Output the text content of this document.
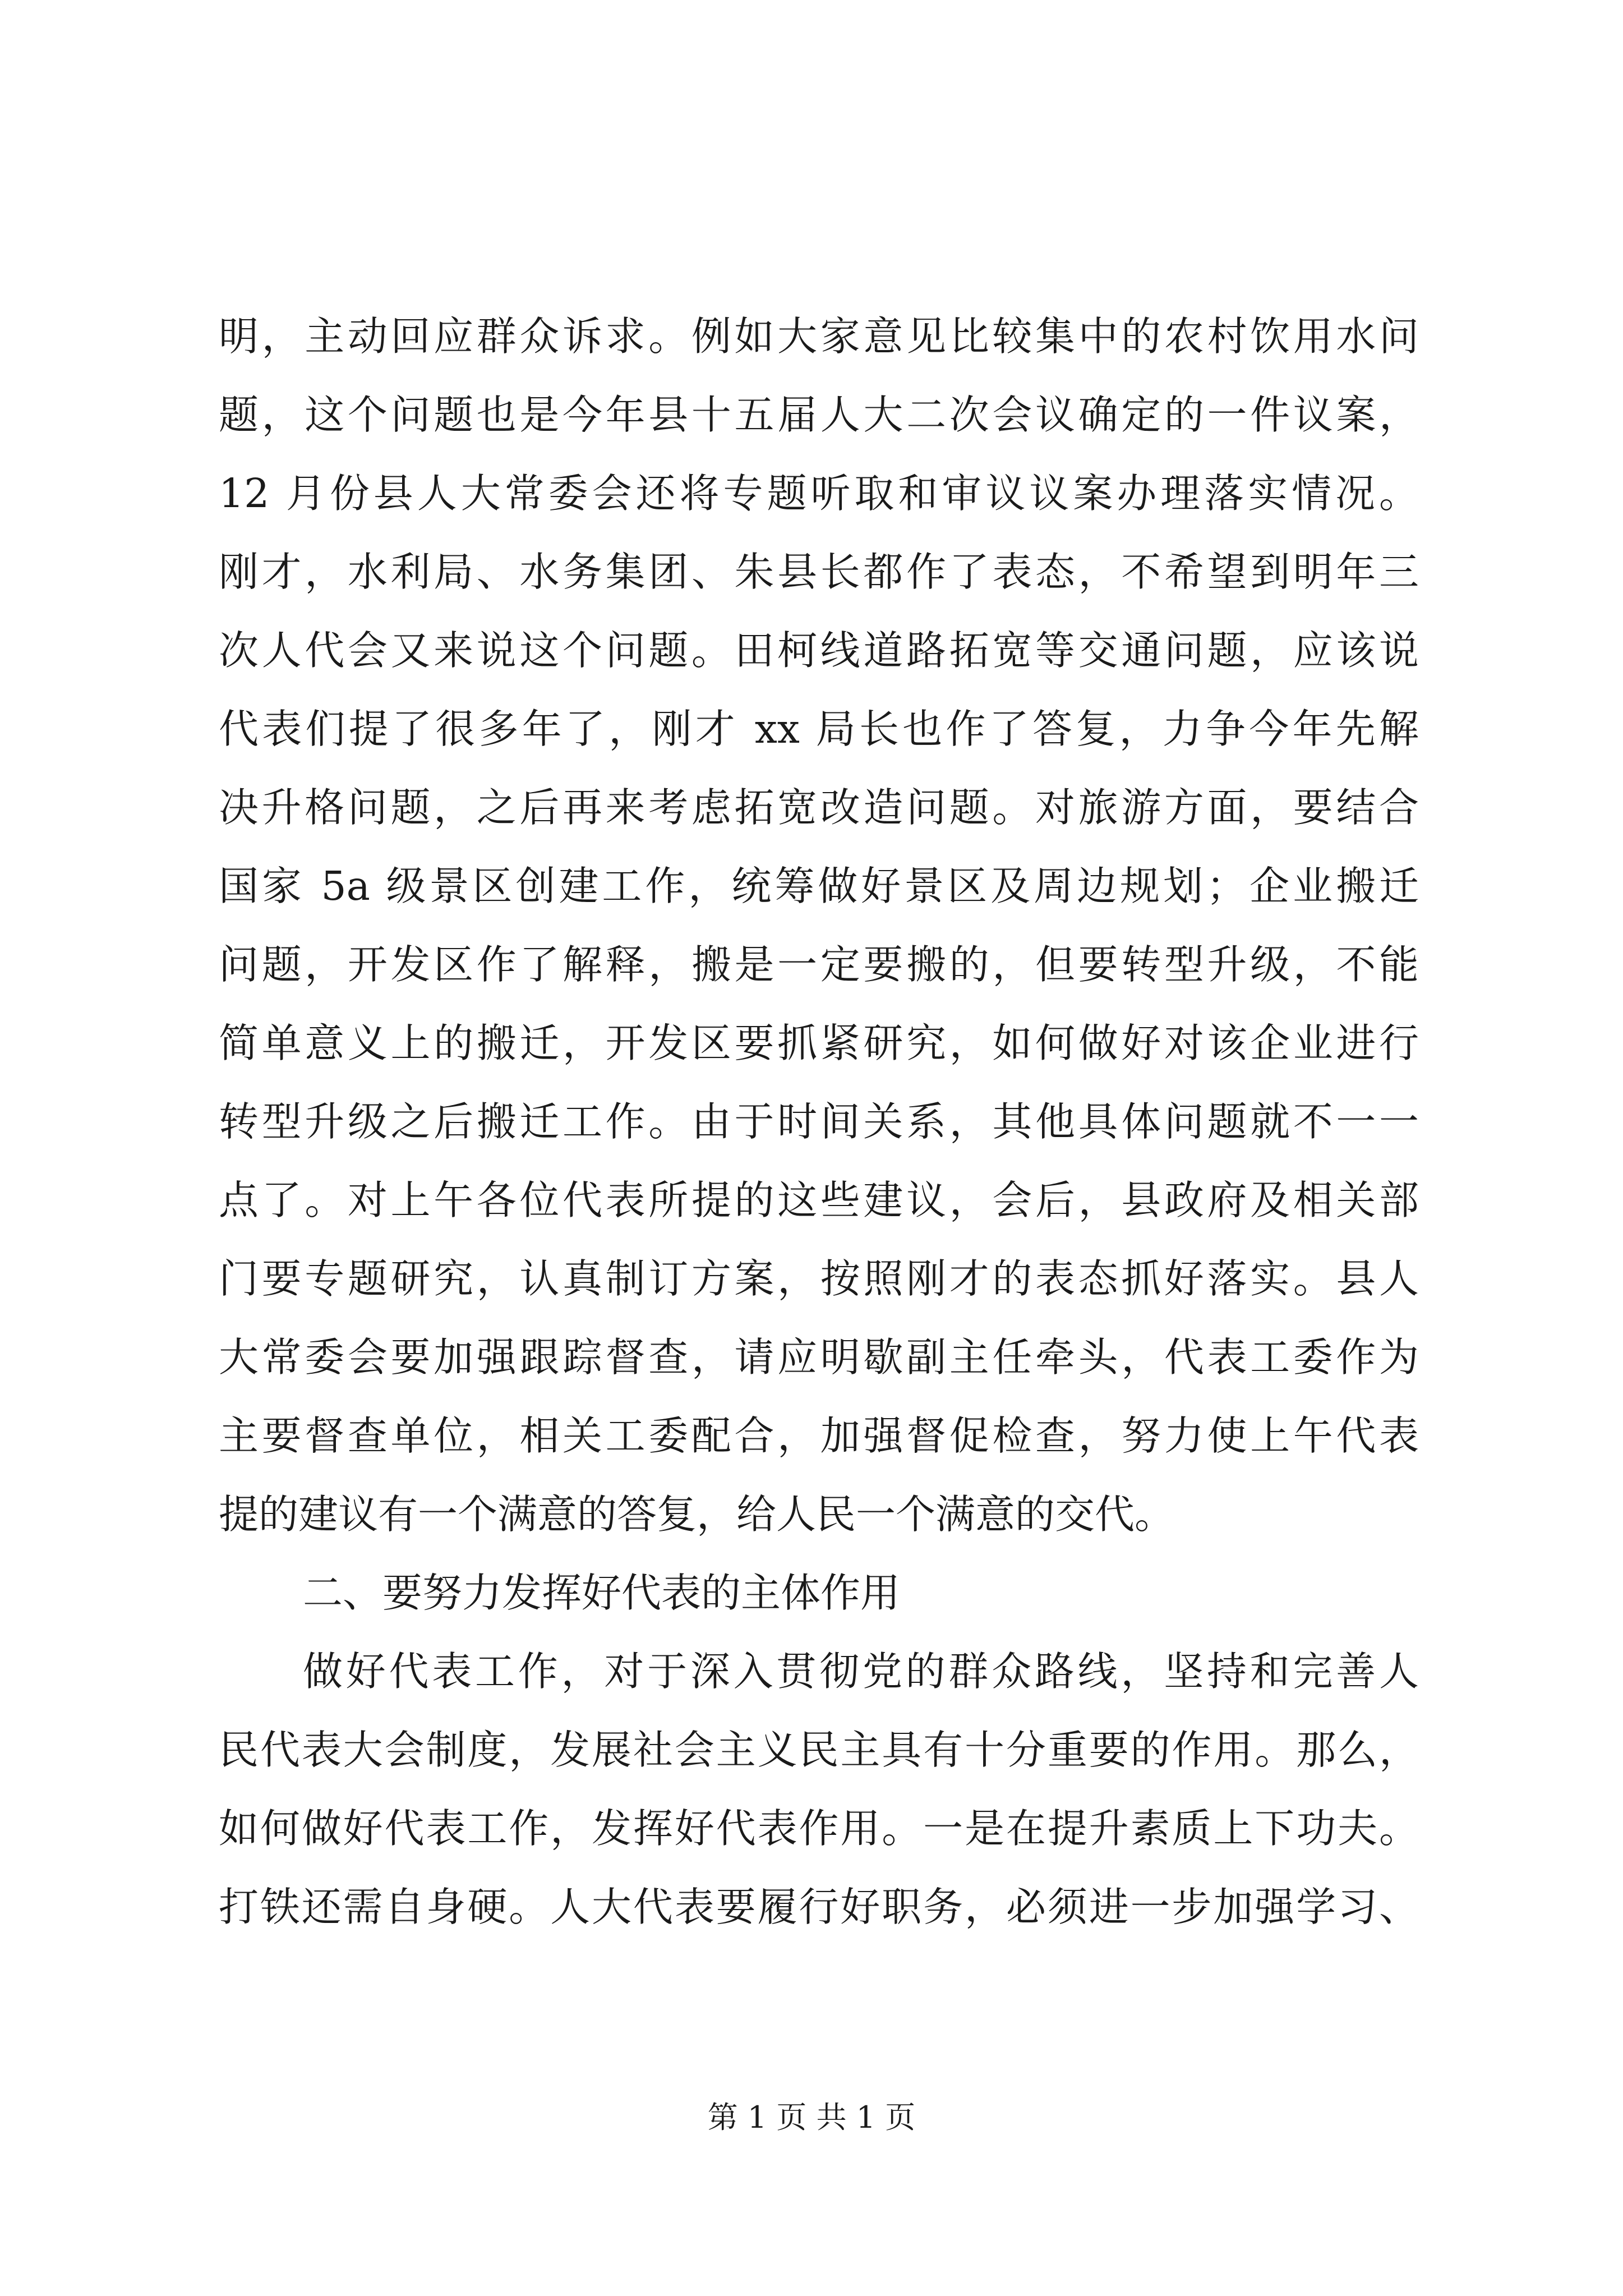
明，主动回应群众诉求。例如大家意见比较集中的农村饮用水问
题，这个问题也是今年县十五届人大二次会议确定的一件议案，
12 月份县人大常委会还将专题听取和审议议案办理落实情况。
刚才，水利局、水务集团、朱县长都作了表态，不希望到明年三
次人代会又来说这个问题。田柯线道路拓宽等交通问题，应该说
代表们提了很多年了，刚才 xx 局长也作了答复，力争今年先解
决升格问题，之后再来考虑拓宽改造问题。对旅游方面，要结合
国家 5a 级景区创建工作，统筹做好景区及周边规划；企业搬迁
问题，开发区作了解释，搬是一定要搬的，但要转型升级，不能
简单意义上的搬迁，开发区要抓紧研究，如何做好对该企业进行
转型升级之后搬迁工作。由于时间关系，其他具体问题就不一一
点了。对上午各位代表所提的这些建议，会后，县政府及相关部
门要专题研究，认真制订方案，按照刚才的表态抓好落实。县人
大常委会要加强跟踪督查，请应明歇副主任牵头，代表工委作为
主要督查单位，相关工委配合，加强督促检查，努力使上午代表
提的建议有一个满意的答复，给人民一个满意的交代。
二、要努力发挥好代表的主体作用
做好代表工作，对于深入贯彻党的群众路线，坚持和完善人
民代表大会制度，发展社会主义民主具有十分重要的作用。那么，
如何做好代表工作，发挥好代表作用。一是在提升素质上下功夫。
打铁还需自身硬。人大代表要履行好职务，必须进一步加强学习、
第 1 页 共 1 页
